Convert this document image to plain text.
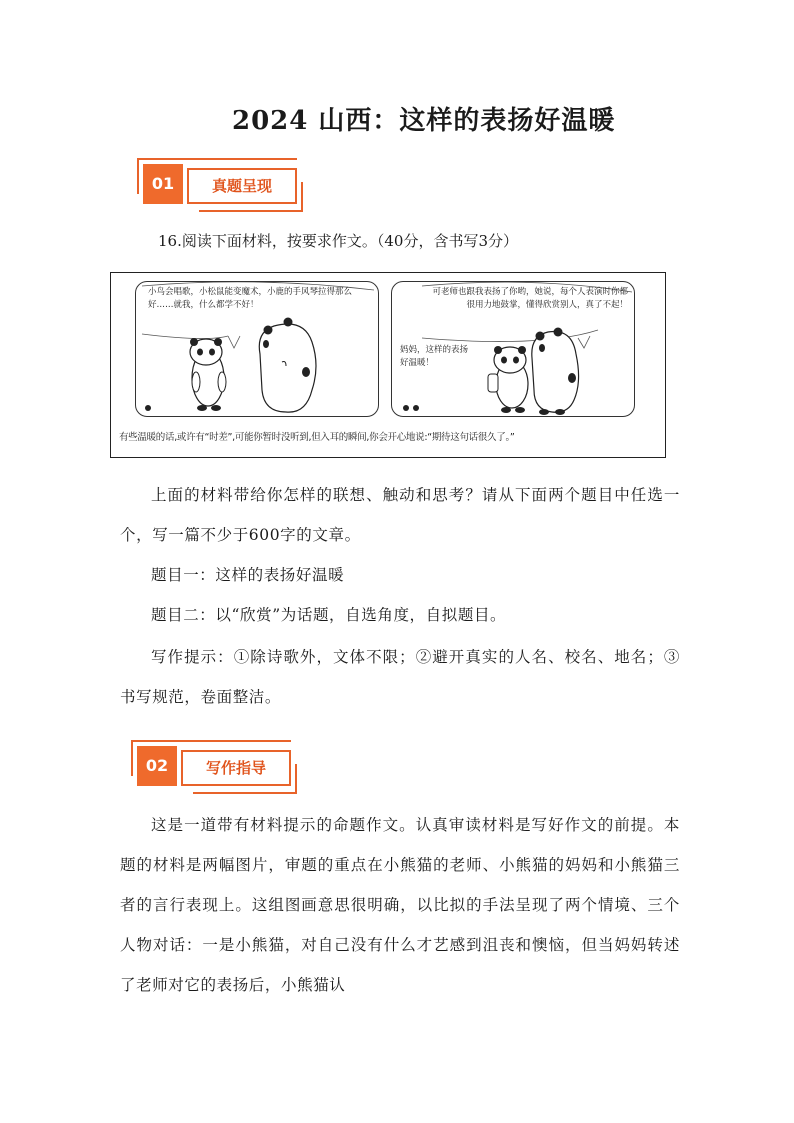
2024 山西：这样的表扬好温暖
01	真题呈现
16.阅读下面材料，按要求作文。（40分，含书写3分）
小鸟会唱歌，小松鼠能变魔术，小鹿的手风琴拉得那么好……就我，什么都学不好！
可老师也跟我表扬了你哟，她说，每个人表演时你都很用力地鼓掌，懂得欣赏别人，真了不起！
妈妈，这样的表扬好温暖！
有些温暖的话,或许有“时差”,可能你暂时没听到,但入耳的瞬间,你会开心地说:“期待这句话很久了。”

上面的材料带给你怎样的联想、触动和思考？请从下面两个题目中任选一个，写一篇不少于600字的文章。

题目一：这样的表扬好温暖

题目二：以“欣赏”为话题，自选角度，自拟题目。

写作提示：①除诗歌外，文体不限；②避开真实的人名、校名、地名；③书写规范，卷面整洁。

02	写作指导

这是一道带有材料提示的命题作文。认真审读材料是写好作文的前提。本题的材料是两幅图片，审题的重点在小熊猫的老师、小熊猫的妈妈和小熊猫三者的言行表现上。这组图画意思很明确，以比拟的手法呈现了两个情境、三个人物对话：一是小熊猫，对自己没有什么才艺感到沮丧和懊恼，但当妈妈转述了老师对它的表扬后，小熊猫认
